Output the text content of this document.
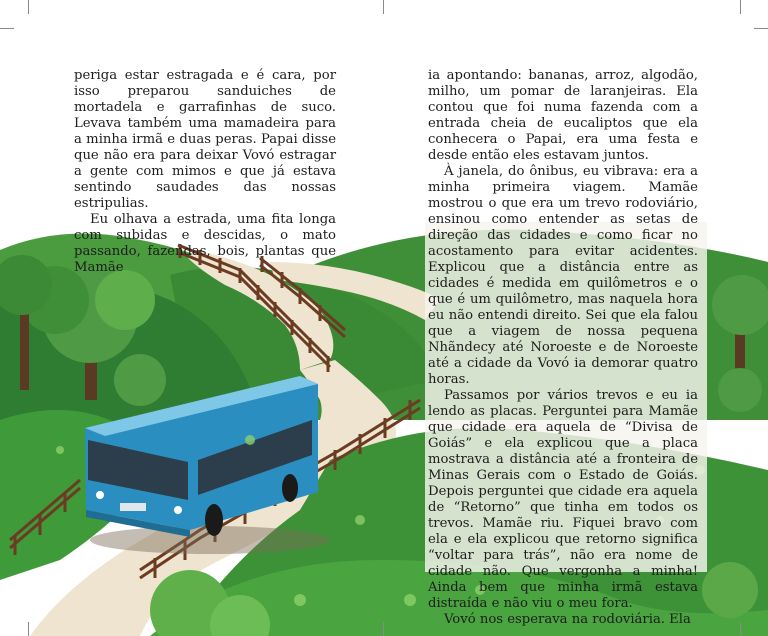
periga estar estragada e é cara, por isso preparou sanduiches de mortadela e garrafinhas de suco. Levava também uma mamadeira para a minha irmã e duas peras. Papai disse que não era para deixar Vovó estragar a gente com mimos e que já estava sentindo saudades das nossas estripulias.

Eu olhava a estrada, uma fita longa com subidas e descidas, o mato passando, fazendas, bois, plantas que Mamãe

ia apontando: bananas, arroz, algodão, milho, um pomar de laranjeiras. Ela contou que foi numa fazenda com a entrada cheia de eucaliptos que ela conhecera o Papai, era uma festa e desde então eles estavam juntos.

À janela, do ônibus, eu vibrava: era a minha primeira viagem. Mamãe mostrou o que era um trevo rodoviário, ensinou como entender as setas de direção das cidades e como ficar no acostamento para evitar acidentes. Explicou que a distância entre as cidades é medida em quilômetros e o que é um quilômetro, mas naquela hora eu não entendi direito. Sei que ela falou que a viagem de nossa pequena Nhãndecy até Noroeste e de Noroeste até a cidade da Vovó ia demorar quatro horas.

Passamos por vários trevos e eu ia lendo as placas. Perguntei para Mamãe que cidade era aquela de “Divisa de Goiás” e ela explicou que a placa mostrava a distância até a fronteira de Minas Gerais com o Estado de Goiás. Depois perguntei que cidade era aquela de “Retorno” que tinha em todos os trevos. Mamãe riu. Fiquei bravo com ela e ela explicou que retorno significa “voltar para trás”, não era nome de cidade não. Que vergonha a minha! Ainda bem que minha irmã estava distraída e não viu o meu fora.

Vovó nos esperava na rodoviária. Ela
